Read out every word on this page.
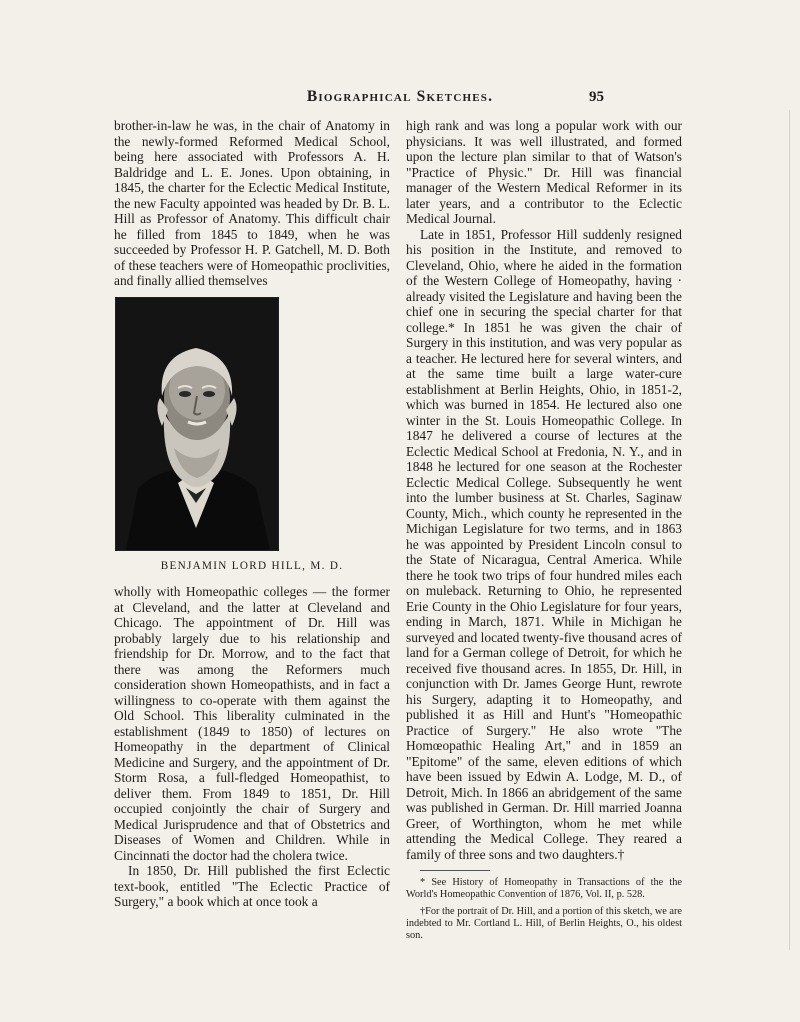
Biographical Sketches.	95

brother-in-law he was, in the chair of Anatomy in the newly-formed Reformed Medical School, being here associated with Professors A. H. Baldridge and L. E. Jones. Upon obtaining, in 1845, the charter for the Eclectic Medical Institute, the new Faculty appointed was headed by Dr. B. L. Hill as Professor of Anatomy. This difficult chair he filled from 1845 to 1849, when he was succeeded by Professor H. P. Gatchell, M. D. Both of these teachers were of Homeopathic proclivities, and finally allied themselves

BENJAMIN LORD HILL, M. D.

wholly with Homeopathic colleges — the former at Cleveland, and the latter at Cleveland and Chicago. The appointment of Dr. Hill was probably largely due to his relationship and friendship for Dr. Morrow, and to the fact that there was among the Reformers much consideration shown Homeopathists, and in fact a willingness to co-operate with them against the Old School. This liberality culminated in the establishment (1849 to 1850) of lectures on Homeopathy in the department of Clinical Medicine and Surgery, and the appointment of Dr. Storm Rosa, a full-fledged Homeopathist, to deliver them. From 1849 to 1851, Dr. Hill occupied conjointly the chair of Surgery and Medical Jurisprudence and that of Obstetrics and Diseases of Women and Children. While in Cincinnati the doctor had the cholera twice.

In 1850, Dr. Hill published the first Eclectic text-book, entitled "The Eclectic Practice of Surgery," a book which at once took a

high rank and was long a popular work with our physicians. It was well illustrated, and formed upon the lecture plan similar to that of Watson's "Practice of Physic." Dr. Hill was financial manager of the Western Medical Reformer in its later years, and a contributor to the Eclectic Medical Journal.

Late in 1851, Professor Hill suddenly resigned his position in the Institute, and removed to Cleveland, Ohio, where he aided in the formation of the Western College of Homeopathy, having · already visited the Legislature and having been the chief one in securing the special charter for that college.* In 1851 he was given the chair of Surgery in this institution, and was very popular as a teacher. He lectured here for several winters, and at the same time built a large water-cure establishment at Berlin Heights, Ohio, in 1851-2, which was burned in 1854. He lectured also one winter in the St. Louis Homeopathic College. In 1847 he delivered a course of lectures at the Eclectic Medical School at Fredonia, N. Y., and in 1848 he lectured for one season at the Rochester Eclectic Medical College. Subsequently he went into the lumber business at St. Charles, Saginaw County, Mich., which county he represented in the Michigan Legislature for two terms, and in 1863 he was appointed by President Lincoln consul to the State of Nicaragua, Central America. While there he took two trips of four hundred miles each on muleback. Returning to Ohio, he represented Erie County in the Ohio Legislature for four years, ending in March, 1871. While in Michigan he surveyed and located twenty-five thousand acres of land for a German college of Detroit, for which he received five thousand acres. In 1855, Dr. Hill, in conjunction with Dr. James George Hunt, rewrote his Surgery, adapting it to Homeopathy, and published it as Hill and Hunt's "Homeopathic Practice of Surgery." He also wrote "The Homœopathic Healing Art," and in 1859 an "Epitome" of the same, eleven editions of which have been issued by Edwin A. Lodge, M. D., of Detroit, Mich. In 1866 an abridgement of the same was published in German. Dr. Hill married Joanna Greer, of Worthington, whom he met while attending the Medical College. They reared a family of three sons and two daughters.†

* See History of Homeopathy in Transactions of the the World's Homeopathic Convention of 1876, Vol. II, p. 528.

†For the portrait of Dr. Hill, and a portion of this sketch, we are indebted to Mr. Cortland L. Hill, of Berlin Heights, O., his oldest son.
